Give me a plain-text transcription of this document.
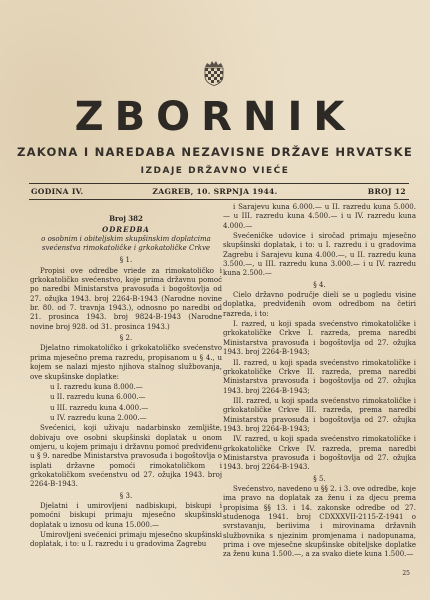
ZBORNIK
ZAKONA I NAREDABA NEZAVISNE DRŽAVE HRVATSKE
IZDAJE DRŽAVNO VIEĆE
GODINA IV.	ZAGREB, 10. SRPNJA 1944.	BROJ 12
Broj 382
ODREDBA
o osobnim i obiteljskim skupšinskim doplatcima svećenstva rimokatoličke i grkokatoličke Crkve
§ 1.

Propisi ove odredbe vriede za rimokatoličko i grkokatoličko svećenstvo, koje prima državnu pomoć po naredbi Ministarstva pravosuđa i bogoštovlja od 27. ožujka 1943. broj 2264-B-1943 (Narodne novine br. 80. od 7. travnja 1943.), odnosno po naredbi od 21. prosinca 1943. broj 9824-B-1943 (Narodne novine broj 928. od 31. prosinca 1943.)

§ 2.

Djelatno rimokatoličko i grkokatoličko svećenstvo prima mjesečno prema razredu, propisanom u § 4., u kojem se nalazi mjesto njihova stalnog službovanja, ove skupšinske doplatke:

u I. razredu kuna 8.000.—

u II. razredu kuna 6.000.—

u III. razredu kuna 4.000.—

u IV. razredu kuna 2.000.—

Svećenici, koji uživaju nadarbinsko zemljište, dobivaju ove osobni skupšinski doplatak u onom omjeru, u kojem primaju i državnu pomoć predviđenu u § 9. naredbe Ministarstva pravosuđa i bogoštovlja o isplati državne pomoći rimokatoličkom i grkokatoličkom svećenstvu od 27. ožujka 1943. broj 2264-B-1943.

§ 3.

Djelatni i umirovljeni nadbiskupi, biskupi i pomoćni biskupi primaju mjesečno skupšinski doplatak u iznosu od kuna 15.000.—

Umirovljeni svećenici primaju mjesečno skupšinski doplatak, i to: u I. razredu i u gradovima Zagrebu

i Sarajevu kuna 6.000.— u II. razredu kuna 5.000.— u III. razredu kuna 4.500.— i u IV. razredu kuna 4.000.—

Svećeničke udovice i siročad primaju mjesečno skupšinski doplatak, i to: u I. razredu i u gradovima Zagrebu i Sarajevu kuna 4.000.—, u II. razredu kuna 3.500.—, u III. razredu kuna 3.000.— i u IV. razredu kuna 2.500.—

§ 4.

Cielo državno područje dieli se u pogledu visine doplatka, predviđenih ovom odredbom na četiri razreda, i to:

I. razred, u koji spada svećenstvo rimokatoličke i grkokatoličke Crkve I. razreda, prema naredbi Ministarstva pravosuđa i bogoštovlja od 27. ožujka 1943. broj 2264-B-1943;

II. razred, u koji spada svećenstvo rimokatoličke i grkokatoličke Crkve II. razreda, prema naredbi Ministarstva pravosuđa i bogoštovlja od 27. ožujka 1943. broj 2264-B-1943;

III. razred, u koji spada svećenstvo rimokatoličke i grkokatoličke Crkve III. razreda, prema naredbi Ministarstva pravosuđa i bogoštovlja od 27. ožujka 1943. broj 2264-B-1943;

IV. razred, u koji spada svećenstvo rimokatoličke i grkokatoličke Crkve IV. razreda, prema naredbi Ministarstva pravosuđa i bogoštovlja od 27. ožujka 1943. broj 2264-B-1943.

§ 5.

Svećenstvo, navedeno u §§ 2. i 3. ove odredbe, koje ima pravo na doplatak za ženu i za djecu prema propisima §§ 13. i 14. zakonske odredbe od 27. studenoga 1941. broj CDXXXVII-2115-Z-1941 o svrstavanju, beriivima i mirovinama državnih službovnika s njezinim promjenama i nadopunama, prima i ove mjesečne skupšinske obiteljske doplatke za ženu kuna 1.500.—, a za svako diete kuna 1.500.—

25
